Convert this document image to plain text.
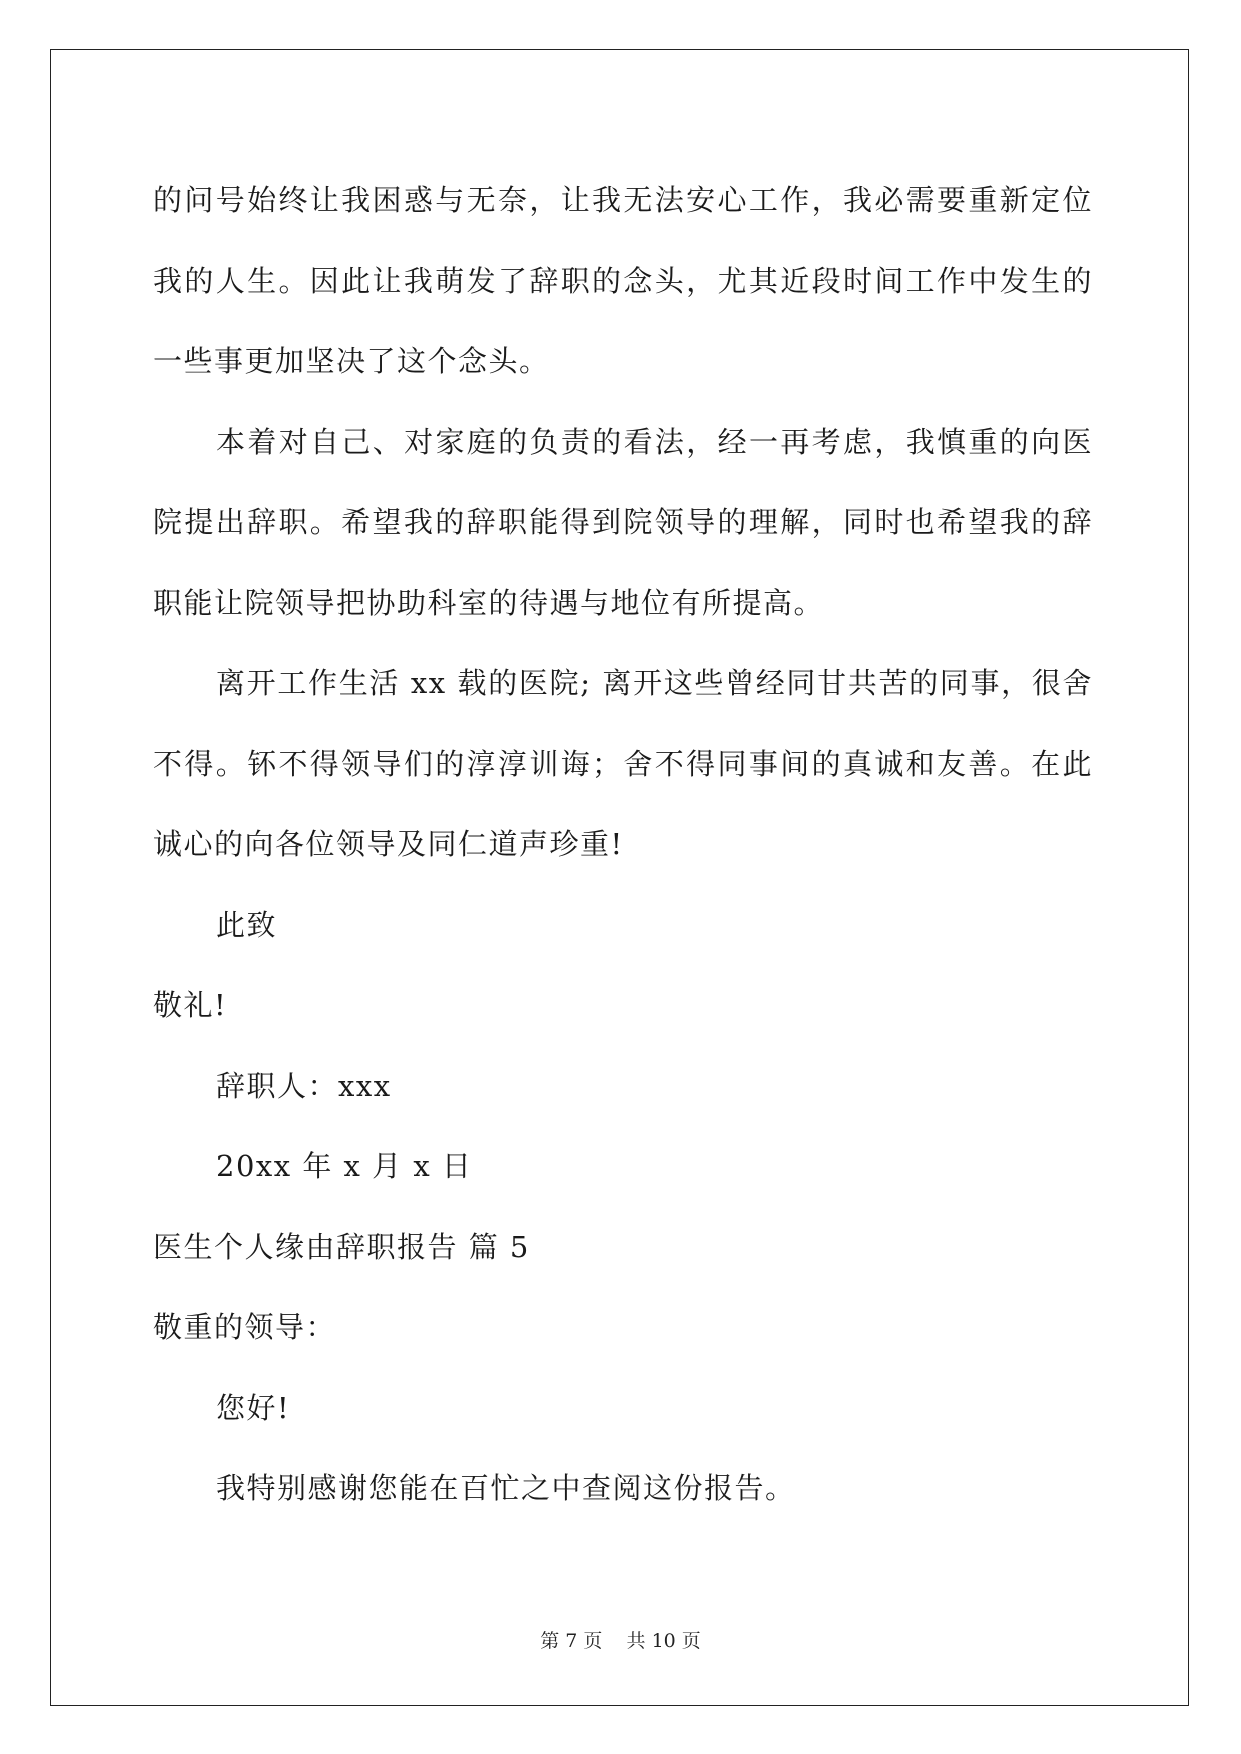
的问号始终让我困惑与无奈，让我无法安心工作，我必需要重新定位我的人生。因此让我萌发了辞职的念头，尤其近段时间工作中发生的一些事更加坚决了这个念头。

本着对自己、对家庭的负责的看法，经一再考虑，我慎重的向医院提出辞职。希望我的辞职能得到院领导的理解，同时也希望我的辞职能让院领导把协助科室的待遇与地位有所提高。

离开工作生活 xx 载的医院; 离开这些曾经同甘共苦的同事，很舍不得。钚不得领导们的淳淳训诲；舍不得同事间的真诚和友善。在此诚心的向各位领导及同仁道声珍重!

此致

敬礼!

辞职人：xxx

20xx 年 x 月 x 日

医生个人缘由辞职报告 篇 5

敬重的领导：

您好!

我特别感谢您能在百忙之中查阅这份报告。

第 7 页    共 10 页
